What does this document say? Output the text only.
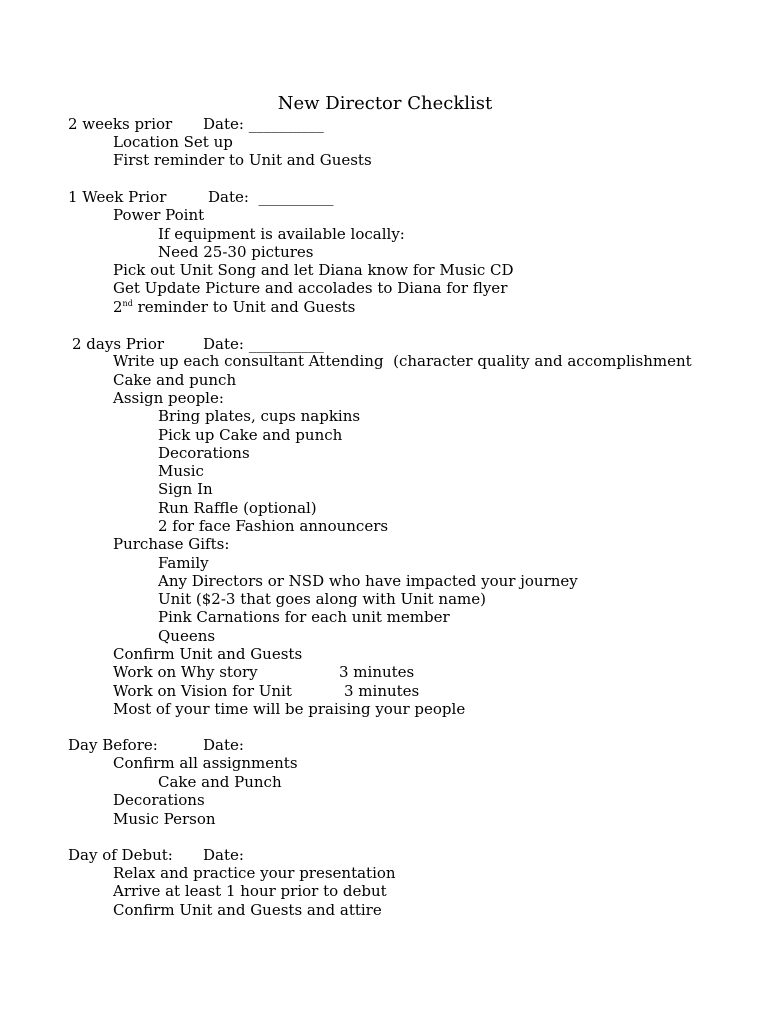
New Director Checklist
2 weeks prior Date: __________
Location Set up
First reminder to Unit and Guests
1 Week Prior	Date:  __________
Power Point
If equipment is available locally:
Need 25-30 pictures
Pick out Unit Song and let Diana know for Music CD
Get Update Picture and accolades to Diana for flyer
2nd reminder to Unit and Guests
2 days Prior	Date: __________
Write up each consultant Attending  (character quality and accomplishment
Cake and punch
Assign people:
Bring plates, cups napkins
Pick up Cake and punch
Decorations
Music
Sign In
Run Raffle (optional)
2 for face Fashion announcers
Purchase Gifts:
Family
Any Directors or NSD who have impacted your journey
Unit ($2-3 that goes along with Unit name)
Pink Carnations for each unit member
Queens
Confirm Unit and Guests
Work on Why story	3 minutes
Work on Vision for Unit	3 minutes
Most of your time will be praising your people
Day Before:	Date:
Confirm all assignments
Cake and Punch
Decorations
Music Person
Day of Debut: Date:
Relax and practice your presentation
Arrive at least 1 hour prior to debut
Confirm Unit and Guests and attire
